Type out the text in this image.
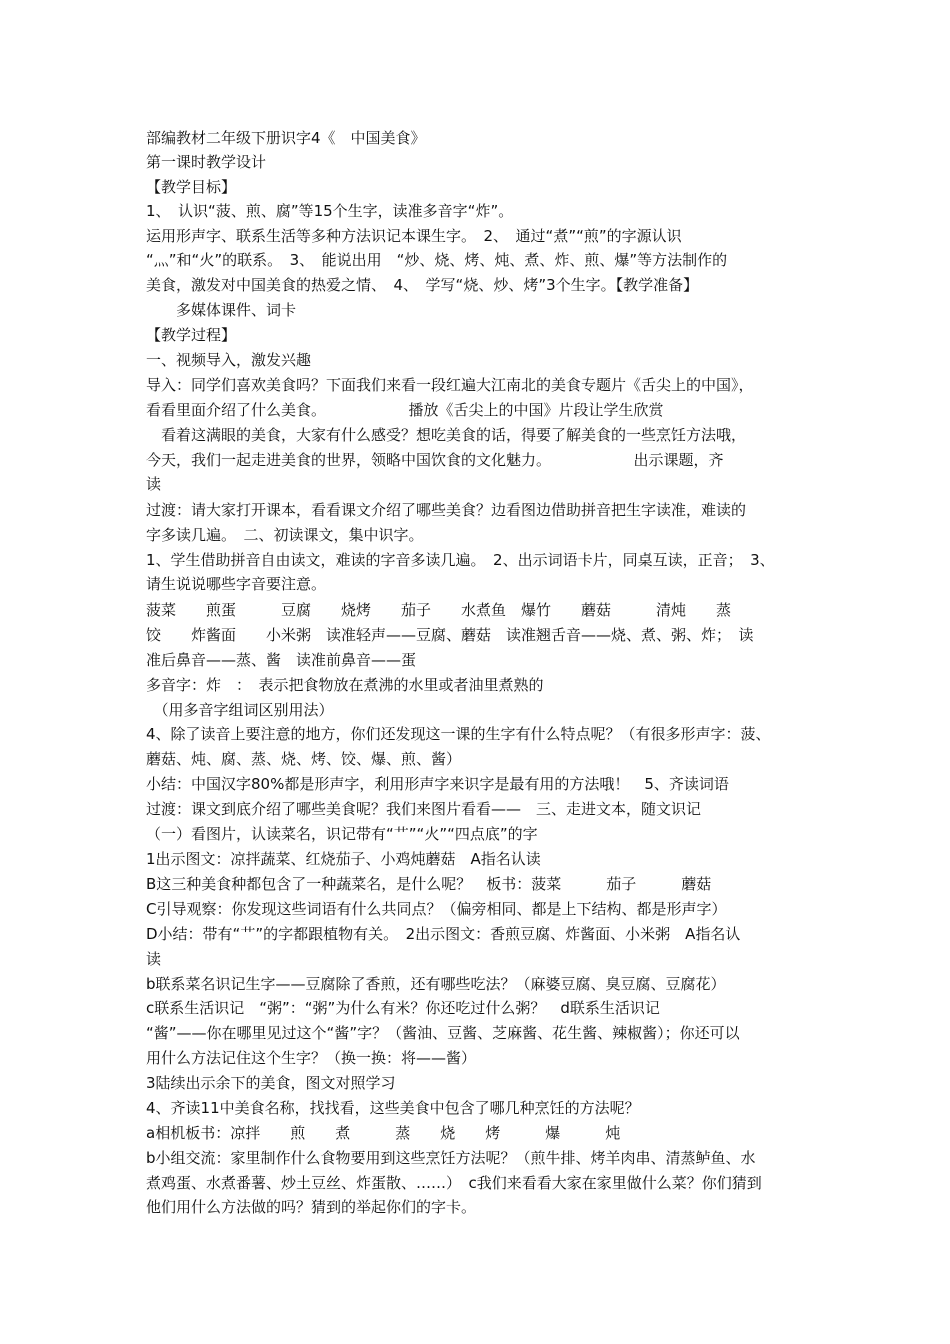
部编教材二年级下册识字4《　中国美食》
第一课时教学设计
【教学目标】
1、　认识“菠、煎、腐”等15个生字，读准多音字“炸”。
运用形声字、联系生活等多种方法识记本课生字。　2、　通过“煮”“煎”的字源认识
“灬”和“火”的联系。　3、　能说出用　“炒、烧、烤、炖、煮、炸、煎、爆”等方法制作的
美食，激发对中国美食的热爱之情、　4、　学写“烧、炒、烤”3个生字。【教学准备】
　　多媒体课件、词卡
【教学过程】
一、视频导入，激发兴趣
导入：同学们喜欢美食吗？下面我们来看一段红遍大江南北的美食专题片《舌尖上的中国》，
看看里面介绍了什么美食。　　　　　　播放《舌尖上的中国》片段让学生欣赏
　看着这满眼的美食，大家有什么感受？想吃美食的话，得要了解美食的一些烹饪方法哦，
今天，我们一起走进美食的世界，领略中国饮食的文化魅力。　　　　　　出示课题，齐
读
过渡：请大家打开课本，看看课文介绍了哪些美食？边看图边借助拼音把生字读准，难读的
字多读几遍。　二、初读课文，集中识字。
1、学生借助拼音自由读文，难读的字音多读几遍。　2、出示词语卡片，同桌互读，正音；　3、
请生说说哪些字音要注意。
菠菜　　煎蛋　　　豆腐　　烧烤　　茄子　　水煮鱼　爆竹　　蘑菇　　　清炖　　蒸
饺　　炸酱面　　小米粥　读准轻声——豆腐、蘑菇　读准翘舌音——烧、煮、粥、炸；　读
准后鼻音——蒸、酱　读准前鼻音——蛋
多音字：炸　：　表示把食物放在煮沸的水里或者油里煮熟的
　（用多音字组词区别用法）
4、除了读音上要注意的地方，你们还发现这一课的生字有什么特点呢？（有很多形声字：菠、
蘑菇、炖、腐、蒸、烧、烤、饺、爆、煎、酱）
小结：中国汉字80%都是形声字，利用形声字来识字是最有用的方法哦！　5、齐读词语
过渡：课文到底介绍了哪些美食呢？我们来图片看看——　三、走进文本，随文识记
（一）看图片，认读菜名，识记带有“艹”“火”“四点底”的字
1出示图文：凉拌蔬菜、红烧茄子、小鸡炖蘑菇　A指名认读
B这三种美食种都包含了一种蔬菜名，是什么呢？　板书：菠菜　　　茄子　　　蘑菇
C引导观察：你发现这些词语有什么共同点？（偏旁相同、都是上下结构、都是形声字）
D小结：带有“艹”的字都跟植物有关。　2出示图文：香煎豆腐、炸酱面、小米粥　A指名认
读
b联系菜名识记生字——豆腐除了香煎，还有哪些吃法？（麻婆豆腐、臭豆腐、豆腐花）
c联系生活识记　“粥”：“粥”为什么有米？你还吃过什么粥？　d联系生活识记
“酱”——你在哪里见过这个“酱”字？（酱油、豆酱、芝麻酱、花生酱、辣椒酱）；你还可以
用什么方法记住这个生字？（换一换：将——酱）
3陆续出示余下的美食，图文对照学习
4、齐读11中美食名称，找找看，这些美食中包含了哪几种烹饪的方法呢？
a相机板书：凉拌　　煎　　煮　　　蒸　　烧　　烤　　　爆　　　炖
b小组交流：家里制作什么食物要用到这些烹饪方法呢？（煎牛排、烤羊肉串、清蒸鲈鱼、水
煮鸡蛋、水煮番薯、炒土豆丝、炸蛋散、……）　c我们来看看大家在家里做什么菜？你们猜到
他们用什么方法做的吗？猜到的举起你们的字卡。
